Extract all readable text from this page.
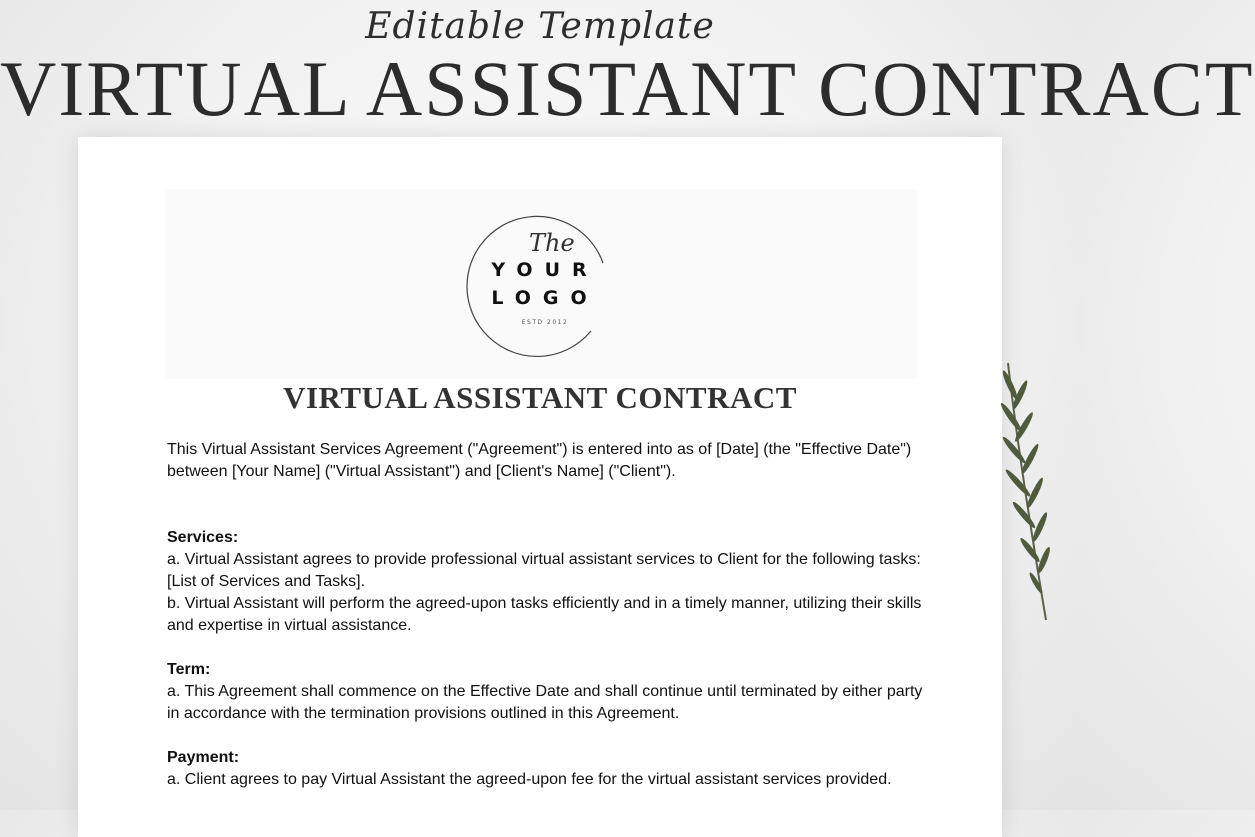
Editable Template
VIRTUAL ASSISTANT CONTRACT
The
YOUR
LOGO
ESTD 2012
VIRTUAL ASSISTANT CONTRACT

This Virtual Assistant Services Agreement ("Agreement") is entered into as of [Date] (the "Effective Date") between [Your Name] ("Virtual Assistant") and [Client's Name] ("Client").

Services:

a. Virtual Assistant agrees to provide professional virtual assistant services to Client for the following tasks: [List of Services and Tasks].

b. Virtual Assistant will perform the agreed-upon tasks efficiently and in a timely manner, utilizing their skills and expertise in virtual assistance.

Term:

a. This Agreement shall commence on the Effective Date and shall continue until terminated by either party in accordance with the termination provisions outlined in this Agreement.

Payment:

a. Client agrees to pay Virtual Assistant the agreed-upon fee for the virtual assistant services provided.
